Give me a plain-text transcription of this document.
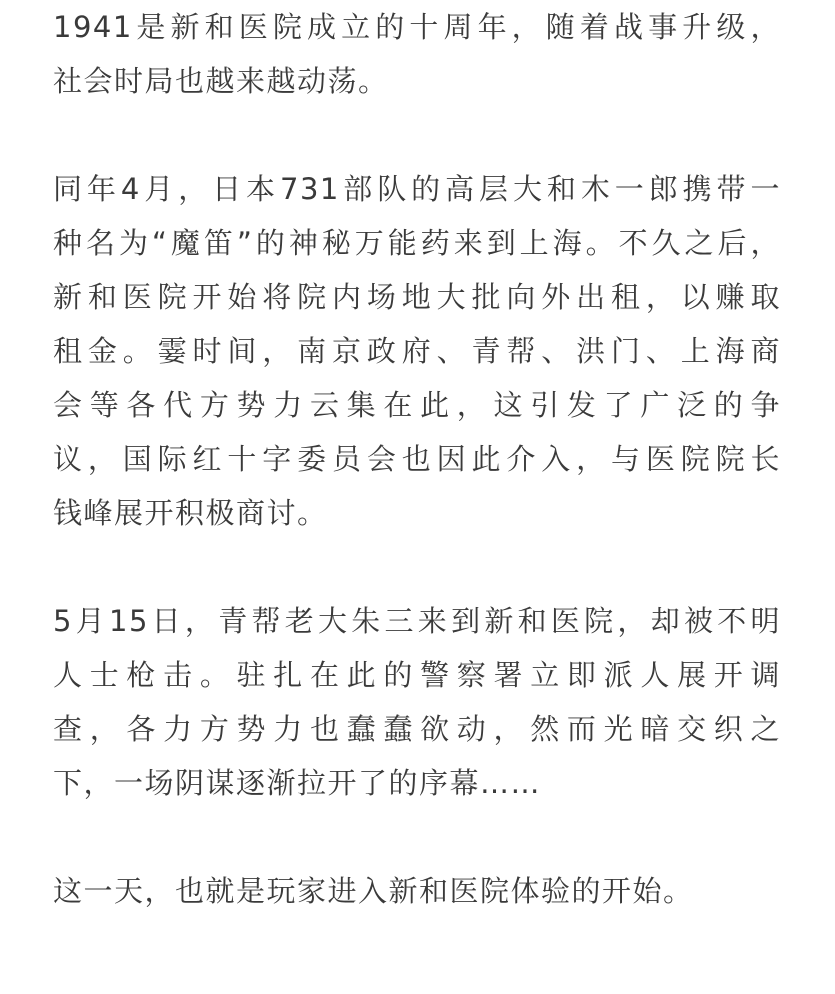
1941是新和医院成立的十周年，随着战事升级，
社会时局也越来越动荡。
同年4月，日本731部队的高层大和木一郎携带一
种名为“魔笛”的神秘万能药来到上海。不久之后，
新和医院开始将院内场地大批向外出租，以赚取
租金。霎时间，南京政府、青帮、洪门、上海商
会等各代方势力云集在此，这引发了广泛的争
议，国际红十字委员会也因此介入，与医院院长
钱峰展开积极商讨。
5月15日，青帮老大朱三来到新和医院，却被不明
人士枪击。驻扎在此的警察署立即派人展开调
查，各力方势力也蠢蠢欲动，然而光暗交织之
下，一场阴谋逐渐拉开了的序幕……
这一天，也就是玩家进入新和医院体验的开始。
